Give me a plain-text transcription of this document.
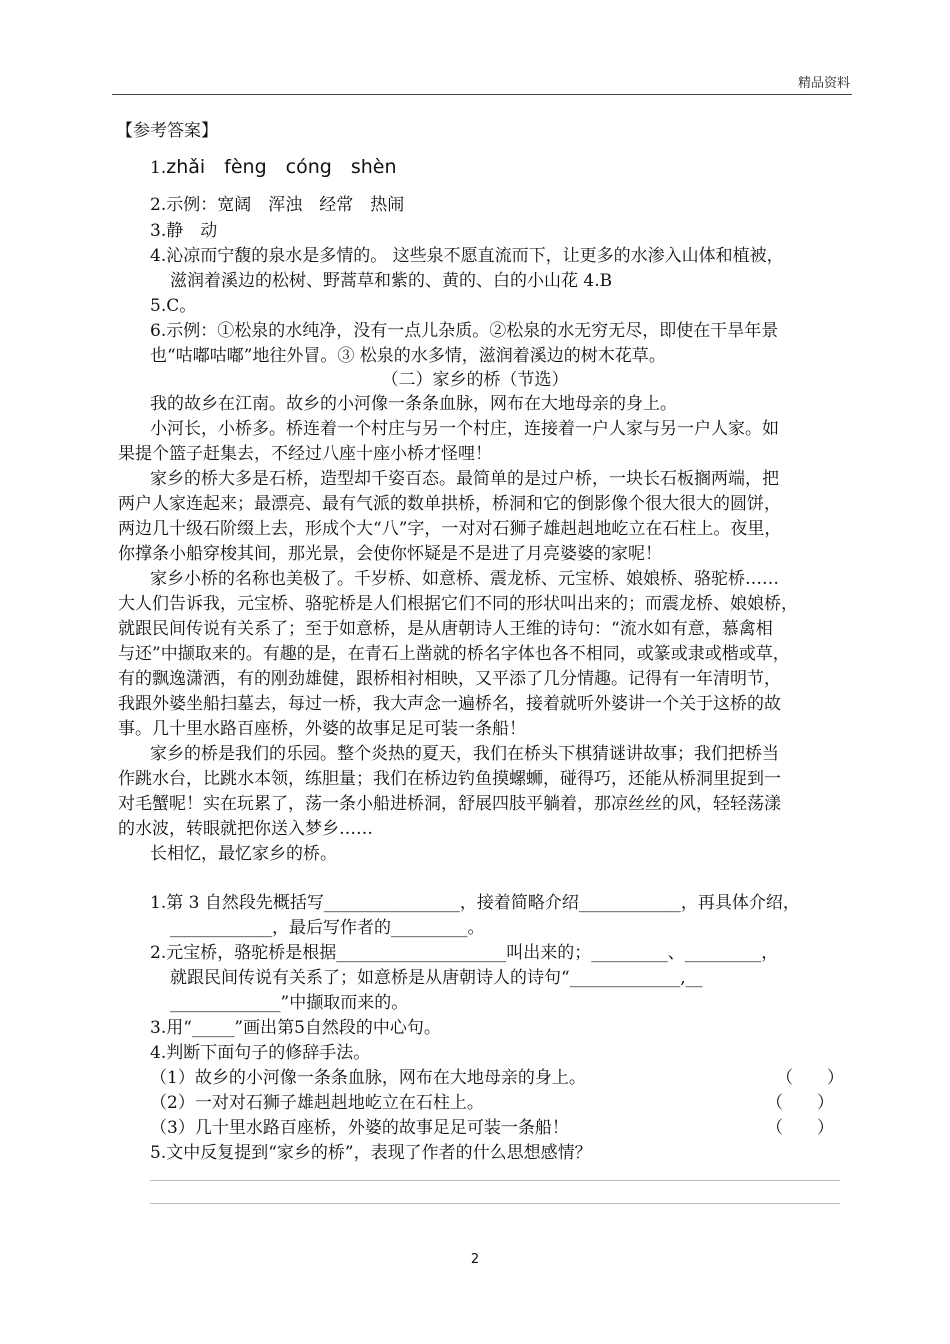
精品资料
【参考答案】
1.zhǎi　fèng　cóng　shèn
2.示例：宽阔　浑浊　经常　热闹
3.静　动
4.沁凉而宁馥的泉水是多情的。 这些泉不愿直流而下，让更多的水渗入山体和植被，
滋润着溪边的松树、野蒿草和紫的、黄的、白的小山花 4.B
5.C。
6.示例：①松泉的水纯净，没有一点儿杂质。②松泉的水无穷无尽，即使在干旱年景
也“咕嘟咕嘟”地往外冒。③ 松泉的水多情，滋润着溪边的树木花草。
（二）家乡的桥（节选）
我的故乡在江南。故乡的小河像一条条血脉，网布在大地母亲的身上。
小河长，小桥多。桥连着一个村庄与另一个村庄，连接着一户人家与另一户人家。如
果提个篮子赶集去，不经过八座十座小桥才怪哩！
家乡的桥大多是石桥，造型却千姿百态。最简单的是过户桥，一块长石板搁两端，把
两户人家连起来；最漂亮、最有气派的数单拱桥，桥洞和它的倒影像个很大很大的圆饼，
两边几十级石阶缀上去，形成个大“八”字，一对对石狮子雄赳赳地屹立在石柱上。夜里，
你撑条小船穿梭其间，那光景，会使你怀疑是不是进了月亮婆婆的家呢！
家乡小桥的名称也美极了。千岁桥、如意桥、震龙桥、元宝桥、娘娘桥、骆驼桥……
大人们告诉我，元宝桥、骆驼桥是人们根据它们不同的形状叫出来的；而震龙桥、娘娘桥，
就跟民间传说有关系了；至于如意桥，是从唐朝诗人王维的诗句：“流水如有意，慕禽相
与还”中撷取来的。有趣的是，在青石上凿就的桥名字体也各不相同，或篆或隶或楷或草，
有的飘逸潇洒，有的刚劲雄健，跟桥相衬相映，又平添了几分情趣。记得有一年清明节，
我跟外婆坐船扫墓去，每过一桥，我大声念一遍桥名，接着就听外婆讲一个关于这桥的故
事。几十里水路百座桥，外婆的故事足足可装一条船！
家乡的桥是我们的乐园。整个炎热的夏天，我们在桥头下棋猜谜讲故事；我们把桥当
作跳水台，比跳水本领，练胆量；我们在桥边钓鱼摸螺蛳，碰得巧，还能从桥洞里捉到一
对毛蟹呢！实在玩累了，荡一条小船进桥洞，舒展四肢平躺着，那凉丝丝的风，轻轻荡漾
的水波，转眼就把你送入梦乡……
长相忆，最忆家乡的桥。
1.第 3 自然段先概括写________________，接着简略介绍____________，再具体介绍，
____________，最后写作者的_________。
2.元宝桥，骆驼桥是根据____________________叫出来的；_________、_________，
就跟民间传说有关系了；如意桥是从唐朝诗人的诗句“_____________,__
_____________”中撷取而来的。
3.用“_____”画出第5自然段的中心句。
4.判断下面句子的修辞手法。
（1）故乡的小河像一条条血脉，网布在大地母亲的身上。	（　　）
（2）一对对石狮子雄赳赳地屹立在石柱上。	（　　）
（3）几十里水路百座桥，外婆的故事足足可装一条船！	（　　）
5.文中反复提到“家乡的桥”，表现了作者的什么思想感情？
2
